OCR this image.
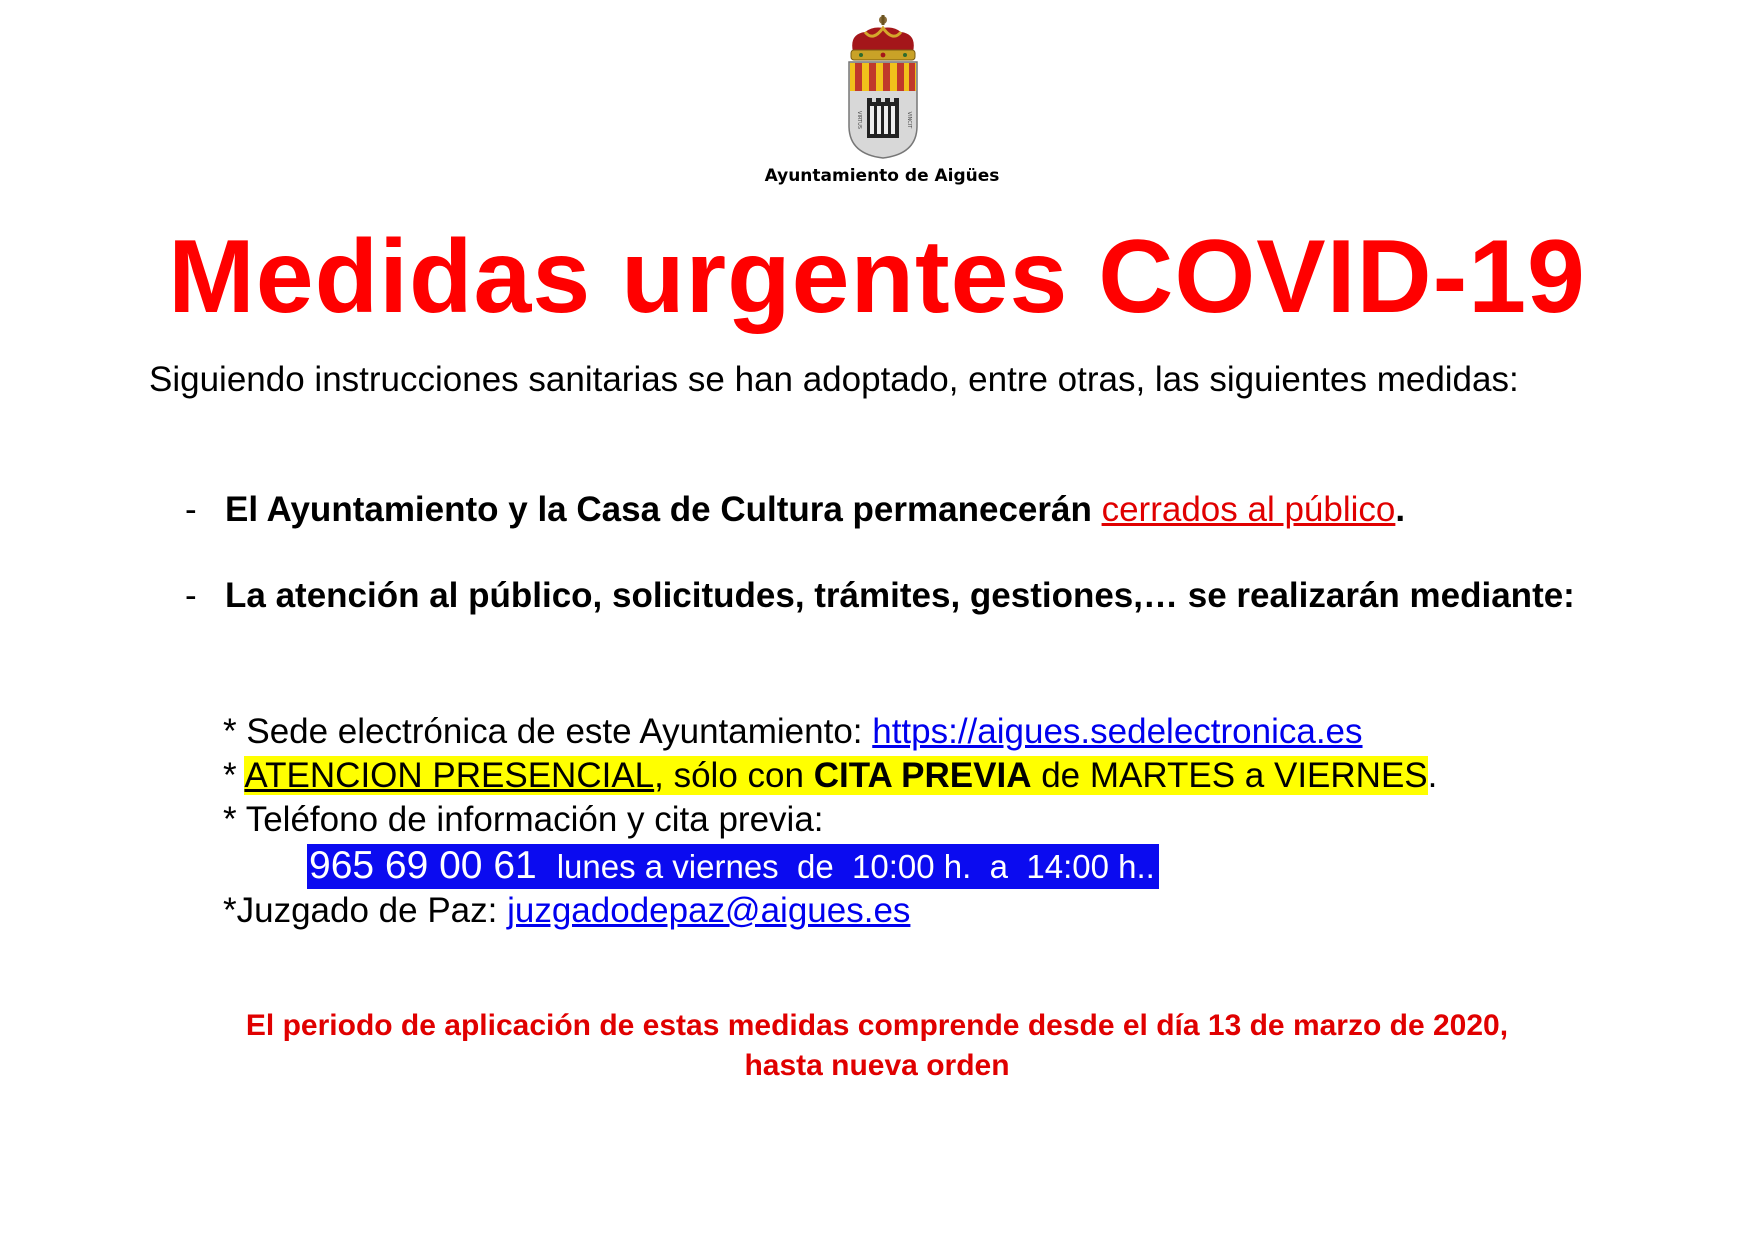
VIRTUS	VINCIT
Ayuntamiento de Aigües
Medidas urgentes COVID-19
Siguiendo instrucciones sanitarias se han adoptado, entre otras, las siguientes medidas:
- El Ayuntamiento y la Casa de Cultura permanecerán cerrados al público.
- La atención al público, solicitudes, trámites, gestiones,… se realizarán mediante:
* Sede electrónica de este Ayuntamiento: https://aigues.sedelectronica.es
* ATENCION PRESENCIAL, sólo con CITA PREVIA de MARTES a VIERNES.
* Teléfono de información y cita previa:
965 69 00 61 lunes a viernes  de  10:00 h.  a  14:00 h..
*Juzgado de Paz: juzgadodepaz@aigues.es
El periodo de aplicación de estas medidas comprende desde el día 13 de marzo de 2020,
hasta nueva orden
